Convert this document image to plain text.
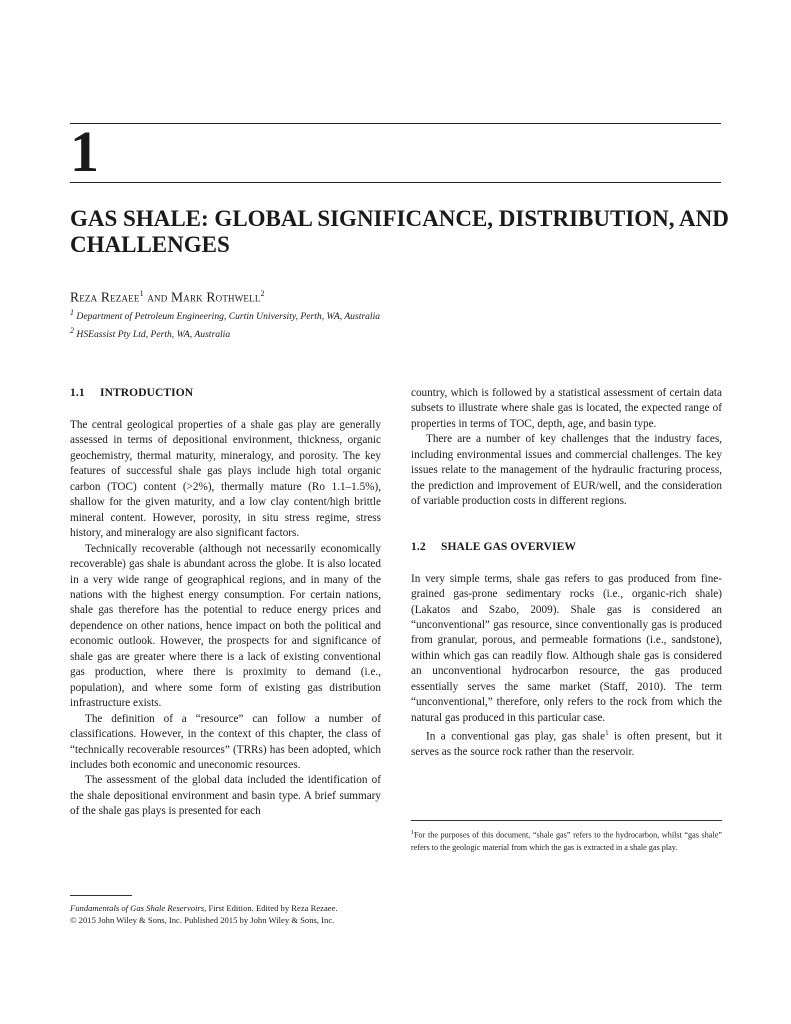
1
GAS SHALE: GLOBAL SIGNIFICANCE, DISTRIBUTION, AND CHALLENGES
Reza Rezaee$^1$ and Mark Rothwell$^2$
$^1$ Department of Petroleum Engineering, Curtin University, Perth, WA, Australia
$^2$ HSEassist Pty Ltd, Perth, WA, Australia
1.1 INTRODUCTION

The central geological properties of a shale gas play are generally assessed in terms of depositional environment, thickness, organic geochemistry, thermal maturity, mineralogy, and porosity. The key features of successful shale gas plays include high total organic carbon (TOC) content (>2%), thermally mature (Ro 1.1–1.5%), shallow for the given maturity, and a low clay content/high brittle mineral content. However, porosity, in situ stress regime, stress history, and mineralogy are also significant factors.

Technically recoverable (although not necessarily economically recoverable) gas shale is abundant across the globe. It is also located in a very wide range of geographical regions, and in many of the nations with the highest energy consumption. For certain nations, shale gas therefore has the potential to reduce energy prices and dependence on other nations, hence impact on both the political and economic outlook. However, the prospects for and significance of shale gas are greater where there is a lack of existing conventional gas production, where there is proximity to demand (i.e., population), and where some form of existing gas distribution infrastructure exists.

The definition of a “resource” can follow a number of classifications. However, in the context of this chapter, the class of “technically recoverable resources” (TRRs) has been adopted, which includes both economic and uneconomic resources.

The assessment of the global data included the identification of the shale depositional environment and basin type. A brief summary of the shale gas plays is presented for each

country, which is followed by a statistical assessment of certain data subsets to illustrate where shale gas is located, the expected range of properties in terms of TOC, depth, age, and basin type.

There are a number of key challenges that the industry faces, including environmental issues and commercial challenges. The key issues relate to the management of the hydraulic fracturing process, the prediction and improvement of EUR/well, and the consideration of variable production costs in different regions.

1.2 SHALE GAS OVERVIEW

In very simple terms, shale gas refers to gas produced from fine-grained gas-prone sedimentary rocks (i.e., organic-rich shale) (Lakatos and Szabo, 2009). Shale gas is considered an “unconventional” gas resource, since conventionally gas is produced from granular, porous, and permeable formations (i.e., sandstone), within which gas can readily flow. Although shale gas is considered an unconventional hydrocarbon resource, the gas produced essentially serves the same market (Staff, 2010). The term “unconventional,” therefore, only refers to the rock from which the natural gas produced in this particular case.

In a conventional gas play, gas shale$^1$ is often present, but it serves as the source rock rather than the reservoir.

$^1$For the purposes of this document, “shale gas” refers to the hydrocarbon, whilst “gas shale” refers to the geologic material from which the gas is extracted in a shale gas play.
Fundamentals of Gas Shale Reservoirs, First Edition. Edited by Reza Rezaee.
© 2015 John Wiley & Sons, Inc. Published 2015 by John Wiley & Sons, Inc.
